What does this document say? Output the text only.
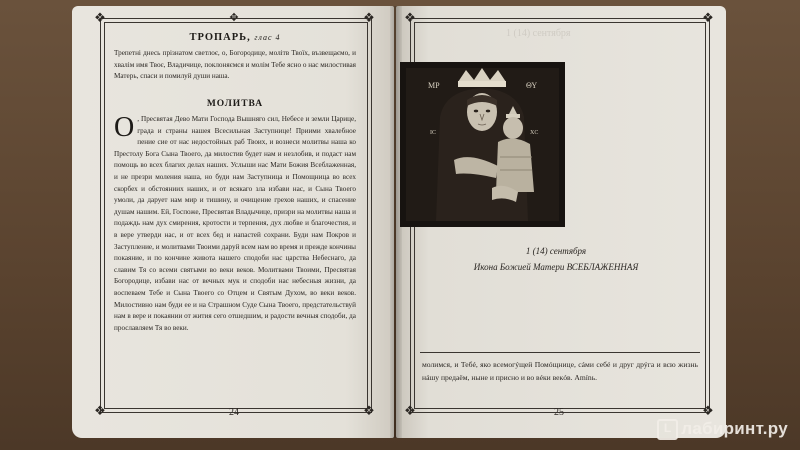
❖	❖
❖	❖
✥
ТРОПАРЬ, глас 4
Трепетні днесь прізнатом светлоє, о, Богородице, молітв Твоїх, възвещаємо, и хвалім имя Твоє, Владичице, поклоняємся и молім Тебе ясно о нас милостивая Матерь, спаси и помилуй души наша.
МОЛИТВА
О , Пресвятая Дево Мати Господа Вышняго сил, Небесе и земли Царице, града и страны нашея Всесильная Заступнице! Приими хвалебное пение сие от нас недостойных раб Твоих, и вознеси молитвы наша ко Престолу Бога Сына Твоего, да милостив будет нам и незлобив, и подаст нам помощь во всех благих делах наших. Услыши нас Мати Божия Всеблаженная, и не презри моления наша, но буди нам Заступница и Помощница во всех скорбех и обстояниих наших, и от всякаго зла избави нас, и Сына Твоего умоли, да дарует нам мир и тишину, и очищение грехов наших, и спасение душам нашим. Ей, Госпоже, Пресвятая Владычице, призри на молитвы наша и подаждь нам дух смирения, кротости и терпения, дух любве и благочестия, и в вере утверди нас, и от всех бед и напастей сохрани. Буди нам Покров и Заступление, и молитвами Твоими даруй всем нам во время и прежде кончины покаяние, и по кончине живота нашего сподоби нас царства Небеснаго, да славим Тя со всеми святыми во веки веков. Молитвами Твоими, Пресвятая Богородице, избави нас от вечных мук и сподоби нас небесныя жизни, да воспеваем Тебе и Сына Твоего со Отцем и Святым Духом, во веки веков. Милостивно нам буди ее и на Страшном Суде Сына Твоего, предстательствуй нам в вере и покаянии от жития сего отшедшим, и радости вечныя сподоби, да прославляем Тя во веки.
24
❖	❖
❖	❖
1 (14) сентября
1 (14) сентября
Икона Божией Матери ВСЕБЛАЖЕННАЯ
молимся, и Тебé, яко всемогýщей Помóщнице, сáми себé и друг дрýга и всю жизнь нáшу предаём, ныне и присно и во вéки векóв. Amínь.
25
ΜΡ	ΘΥ
IC	XC
L лабиринт.ру
